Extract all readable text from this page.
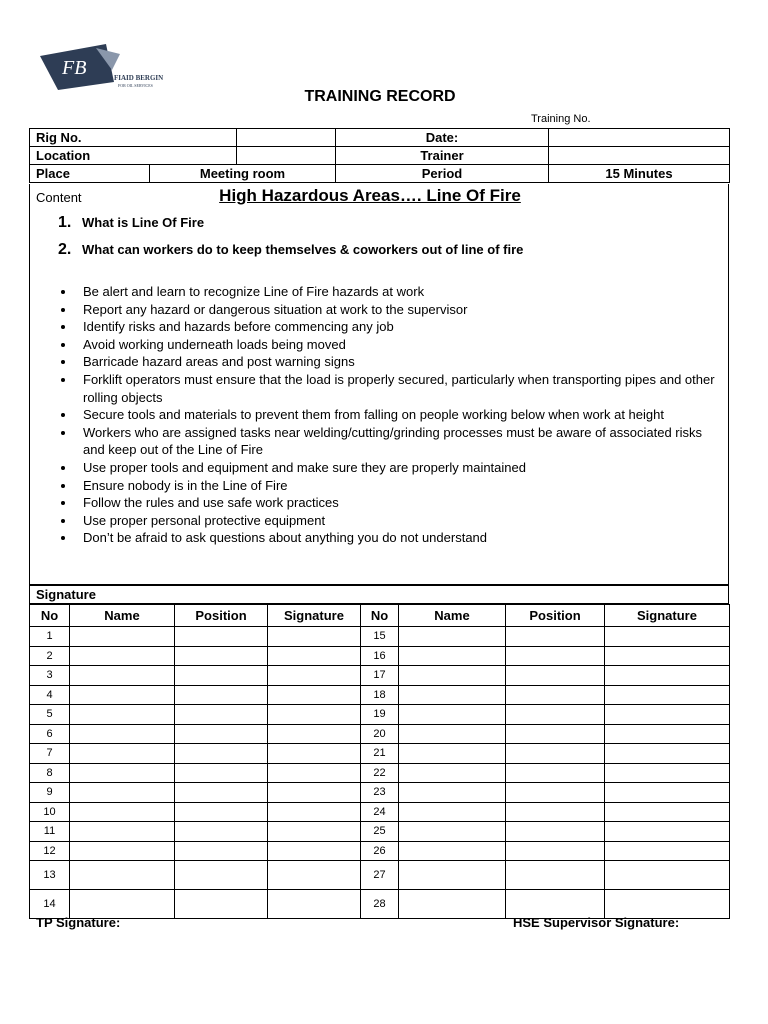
FB	FIAID BERGIN
FOR OIL SERVICES
TRAINING RECORD
Training No.
Rig No.			Date:	
Location			Trainer	
Place	Meeting room		Period	15 Minutes
Content	High Hazardous Areas…. Line Of Fire
1. What is Line Of Fire
2. What can workers do to keep themselves & coworkers out of line of fire
Be alert and learn to recognize Line of Fire hazards at work
Report any hazard or dangerous situation at work to the supervisor
Identify risks and hazards before commencing any job
Avoid working underneath loads being moved
Barricade hazard areas and post warning signs
Forklift operators must ensure that the load is properly secured, particularly when transporting pipes and other rolling objects
Secure tools and materials to prevent them from falling on people working below when work at height
Workers who are assigned tasks near welding/cutting/grinding processes must be aware of associated risks and keep out of the Line of Fire
Use proper tools and equipment and make sure they are properly maintained
Ensure nobody is in the Line of Fire
Follow the rules and use safe work practices
Use proper personal protective equipment
Don’t be afraid to ask questions about anything you do not understand
Signature
No	Name	Position	Signature	No	Name	Position	Signature
1				15			
2				16			
3				17			
4				18			
5				19			
6				20			
7				21			
8				22			
9				23			
10				24			
11				25			
12				26			
13				27			
14				28			
TP Signature:	HSE Supervisor Signature:
